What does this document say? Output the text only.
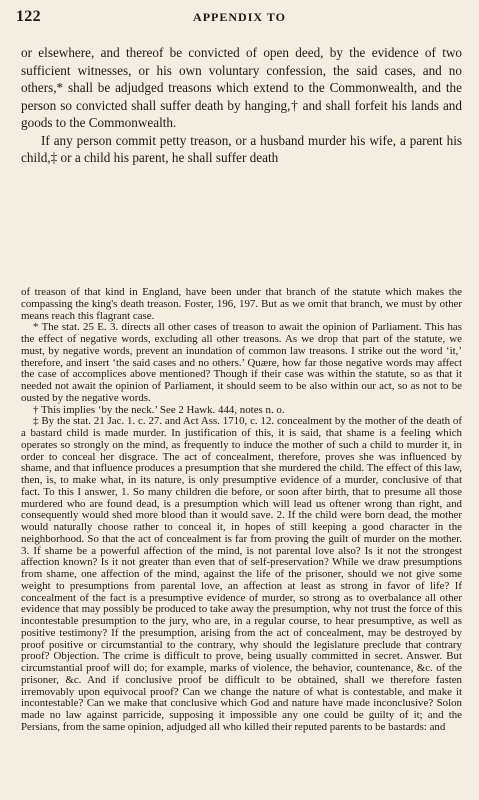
122	APPENDIX TO

or elsewhere, and thereof be convicted of open deed, by the evidence of two sufficient witnesses, or his own voluntary confession, the said cases, and no others,* shall be adjudged treasons which extend to the Commonwealth, and the person so convicted shall suffer death by hanging,† and shall forfeit his lands and goods to the Commonwealth.

If any person commit petty treason, or a husband murder his wife, a parent his child,‡ or a child his parent, he shall suffer death

of treason of that kind in England, have been under that branch of the statute which makes the compassing the king's death treason. Foster, 196, 197. But as we omit that branch, we must by other means reach this flagrant case.

* The stat. 25 E. 3. directs all other cases of treason to await the opinion of Parliament. This has the effect of negative words, excluding all other treasons. As we drop that part of the statute, we must, by negative words, prevent an inundation of common law treasons. I strike out the word ‘it,’ therefore, and insert ‘the said cases and no others.’ Quære, how far those negative words may affect the case of accomplices above mentioned? Though if their case was within the statute, so as that it needed not await the opinion of Parliament, it should seem to be also within our act, so as not to be ousted by the negative words.

† This implies ‘by the neck.’ See 2 Hawk. 444, notes n. o.

‡ By the stat. 21 Jac. 1. c. 27. and Act Ass. 1710, c. 12. concealment by the mother of the death of a bastard child is made murder. In justification of this, it is said, that shame is a feeling which operates so strongly on the mind, as frequently to induce the mother of such a child to murder it, in order to conceal her disgrace. The act of concealment, therefore, proves she was influenced by shame, and that influence produces a presumption that she murdered the child. The effect of this law, then, is, to make what, in its nature, is only presumptive evidence of a murder, conclusive of that fact. To this I answer, 1. So many children die before, or soon after birth, that to presume all those murdered who are found dead, is a presumption which will lead us oftener wrong than right, and consequently would shed more blood than it would save. 2. If the child were born dead, the mother would naturally choose rather to conceal it, in hopes of still keeping a good character in the neighborhood. So that the act of concealment is far from proving the guilt of murder on the mother. 3. If shame be a powerful affection of the mind, is not parental love also? Is it not the strongest affection known? Is it not greater than even that of self-preservation? While we draw presumptions from shame, one affection of the mind, against the life of the prisoner, should we not give some weight to presumptions from parental love, an affection at least as strong in favor of life? If concealment of the fact is a presumptive evidence of murder, so strong as to overbalance all other evidence that may possibly be produced to take away the presumption, why not trust the force of this incontestable presumption to the jury, who are, in a regular course, to hear presumptive, as well as positive testimony? If the presumption, arising from the act of concealment, may be destroyed by proof positive or circumstantial to the contrary, why should the legislature preclude that contrary proof? Objection. The crime is difficult to prove, being usually committed in secret. Answer. But circumstantial proof will do; for example, marks of violence, the behavior, countenance, &c. of the prisoner, &c. And if conclusive proof be difficult to be obtained, shall we therefore fasten irremovably upon equivocal proof? Can we change the nature of what is contestable, and make it incontestable? Can we make that conclusive which God and nature have made inconclusive? Solon made no law against parricide, supposing it impossible any one could be guilty of it; and the Persians, from the same opinion, adjudged all who killed their reputed parents to be bastards: and
